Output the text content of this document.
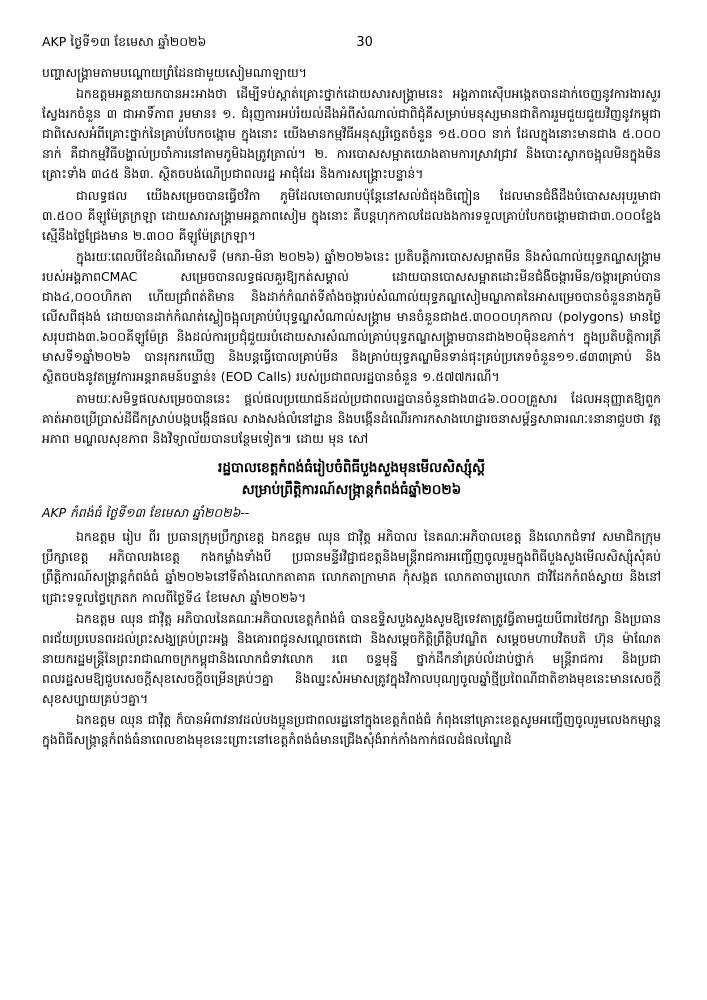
AKP ថ្ងៃទី១៣ ខែមេសា ឆ្នាំ២០២៦	30

បញ្ហាសង្គ្រាមតាមបណ្ដោយព្រំដែនជាមួយសៀមណាឡាយ។

ឯកឧត្តមអគ្គនាយកបានអះអាងថា ដើម្បីទប់ស្កាត់គ្រោះថ្នាក់ដោយសារសង្គ្រាមនេះ អង្គភាពស៊ើបអង្កេតបានដាក់ចេញនូវការងារសួរស្វែងរកចំនួន ៣ ជាអាទិ៍ភាព រួមមាន៖ ១. ជំរុញការអប់រំយល់ដឹងអំពីសំណាល់ជាពិជុំគឺសម្រាប់មនុស្សមានជាតិការរួមជួយជួយវិញនូវកម្ពុជាជាពិសេសអំពីគ្រោះថ្នាក់នៃគ្រាប់បែកចង្កោម ក្នុងនោះ យើងមានកម្មវិធីអនុស្សរិច្ឆេតចំនួន ១៥.០០០ នាក់ ដែលក្នុងនោះមានជាង ៥.០០០ នាក់ គឺជាកម្មវិធីបង្ហាល់ប្រចាំការនៅតាមភូមិឯងត្រូវត្រាល់។ ២. ការបោសសម្អាតយោងតាមការស្រាវជ្រាវ និងបោះស្លាកចង្អុលមិនក្នុងមិនគ្រោះទាំង ៣៤៥ និង៣. ស្ថិតចបង់ណើប្រជាពលរដ្ឋ អាជុំដែរ និងការសង្គ្រោះបន្ទាន់។

ជាលទ្ធផល យើងសម្រេចបានធ្វើថវិកា ភូមិដែលចោលរាបប៉ុន្តែនៅសល់ជំផុងចិញ្ចៀន ដែលមានជំងឺដឹងបំបោសសរុបរួមាជា ៣.៥០០ គីឡូម៉ែត្រក្រឡា ដោយសារសង្គ្រាមអគ្គភាពសៀម ក្នុងនោះ គឺបន្តហុកកាលដែលងងការទទួលគ្រាប់បែកចង្កោមជាជា៣.០០០ខ្នែង ស្មើនឹងថ្ងៃជ្រែងមាន ២.៣០០ គីឡូម៉ែត្រក្រឡា។

ក្នុងរយៈពេលបីខែដំណើរមាសទី (មករា-មិនា ២០២៦) ឆ្នាំ២០២៦នេះ ប្រតិបត្តិការបោសសម្អាតមីន និងសំណាល់យុទ្ធភណ្ឌសង្គ្រាមរបស់អង្គភាពCMAC សម្រេចបានលទ្ធផលគួរឱ្យកត់សម្គាល់ ដោយបានបោសសម្អាតដោះមីនជំងឺចង្ការមីន/ចង្ការគ្រាប់បានជាង៤,០០០ហិកតា ហើយជ្រាំពត់តិមាន និងដាក់កំណត់ទីតាំងចង្ការប់សំណាល់យុទ្ធភណ្ឌសៀមណ្ឌភាគនៃអាសម្រេចបានចំនួននាងភូមិ លើសពីផុងង់ ដោយបានដាក់កំណត់ស្លៀចង្អុលគ្រាប់បំបុទ្ធណ្ឌសំណាល់សង្គ្រាម មានចំនួនជាង៥.៣០០០ហុកកាល (polygons) មានថ្ងៃសរុបជាង៣.៦០០គីឡូម៉ែត្រ និងដល់ការប្រជុំជួយរបំដោយសារសំណាល់គ្រាប់បុទ្ធភណ្ឌសង្គ្រាមបានជាង២០មុិនឧភាក់។ ក្នុងប្រតិបត្តិការត្រីមាសទី១ឆ្នាំ២០២៦ បានរុករកឃើញ និងបន្តធ្វើបោលគ្រាប់មីន និងគ្រាប់យុទ្ធភណ្ឌមិនទាន់ផុះគ្រប់ប្រភេទចំនួន១១.៨៣៣គ្រាប់ និងស្ថិតចបងនូវតម្រូវការអន្តរាគមន៍បន្ទាន់៖ (EOD Calls) របស់ប្រជាពលរដ្ឋបានចំនួន ១.៥៧៧ករណី។

តាមយៈសមិទ្ធផលសម្រេចបាននេះ ផ្ដល់ផលប្រយោជន៍ដល់ប្រជាពលរដ្ឋបានចំនួនជាង៣៤៦.០០០គ្រួសារ ដែលអនុញ្ញាតឱ្យពួកគាត់អាចប្រើប្រាស់ដីជីកស្រាប់បង្កបង្កើនផល សាងសង់លំនៅដ្ឋាន និងបង្កើនដំណើរការកសាងហេដ្ឋារចនាសម្ព័ន្ធសាធារណៈ៖នានាជួបថា វត្តអភាព មណ្ឌលសុខភាព និងវិទ្យាល័យបានបន្ថែមទៀត៕ ដោយ មុន សៅ

រដ្ឋបាលខេត្តកំពង់ធំរៀបចំពិធីបួងសួងមុនមើលសិស្សុំស្ដី
សម្រាប់ព្រឹត្តិការណ៍សង្រ្កាន្តកំពង់ធំឆ្នាំ២០២៦
AKP កំពង់ធំ ថ្ងៃទី១៣ ខែមេសា ឆ្នាំ២០២៦--

ឯកឧត្តម រៀប ពីរ ប្រធានក្រុមប្រឹក្សាខេត្ត ឯកឧត្តម ឈុន ជាវុិត្ត អភិបាល នៃគណៈអភិបាលខេត្ត និងលោកជំទាវ សមាជិកក្រុមប្រឹក្សាខេត្ត អភិបាលរងខេត្ត កងកម្លាំងទាំងបី ប្រធានមន្ទីរវិជ្ជាជខត្តនិងមន្ត្រីរាជការអញ្ជើញចូលរួមក្នុងពិធីបួងសួងមើលសិស្សុំសុំគប់ព្រឹត្តិការណ៍សង្រ្កាន្តកំពង់ធំ ឆ្នាំ២០២៦នៅទីតាំងលោកតាគាគ លោកតាក្រាមាគ កុំសង្កត លោកតាចារ្យលោក ជាវិដែកកំពង់ស្វាយ និងនៅជ្រោះទទួលថ្វៃក្រេតក កាលពីថ្ងៃទី៤ ខែមេសា ឆ្នាំ២០២៦។

ឯកឧត្តម ឈុន ជាវុិត្ត អភិបាលនៃគណៈអភិបាលខេត្តកំពង់ធំ បានឧទ្ទិសបួងសួងសូមឱ្យទេវតាត្រូវធ្វីតាមជួយបីពារថៃវក្សា និងប្រធានពរជ័យប្របេនពរដល់ព្រះសង្ឃគ្រប់ព្រះអង្គ និងគោរពជូនសណ្ដេចតេជោ និងសម្ដេចកិត្តិព្រឹត្ដិបវណ្ឌិត សម្ដេចមហាបវិតបតិ ហ៊ុន ម៉ាណែត នាយករដ្ឋមន្ត្រីនៃព្រះរាជាណាចក្រកម្ពុជានិងលោកជំទាវលោក រពេ ចន្ទមុន្នី ថ្នាក់ដឹកនាំគ្រប់លំដាប់ថ្នាក់ មន្ត្រីរាជការ និងប្រជាពលរដ្ឋសមឱ្យជួបសេចក្ដីសុខសេចក្ដីចម្រើនគ្រប់ៗគ្នា និងឈ្នះសំអមាសត្រូវក្នុងវិកាលបុណ្យចូលឆ្នាំថ្មីប្រពៃណីជាតិខាងមុខនេះមានសេចក្ដីសុខសប្បាយគ្រប់ៗគ្នា។

ឯកឧត្តម ឈុន ជាវុិត្ត ក៏បានអំពាវនាវដល់បងប្អូនប្រជាពលរដ្ឋនៅក្នុងខេត្តកំពង់ធំ កំពុងនៅគ្រោះខេត្តសូមអញ្ជើញចូលរួមលេងកម្សាន្តក្នុងពិធីសង្រ្កាន្តកំពង់ធំនាពេលខាងមុខនេះព្រោះនៅខេត្តកំពង់ធំមានជ្រើងសុំងំរាក់កាំងកាក់ផលដំផលណ្ឌៃដំ
